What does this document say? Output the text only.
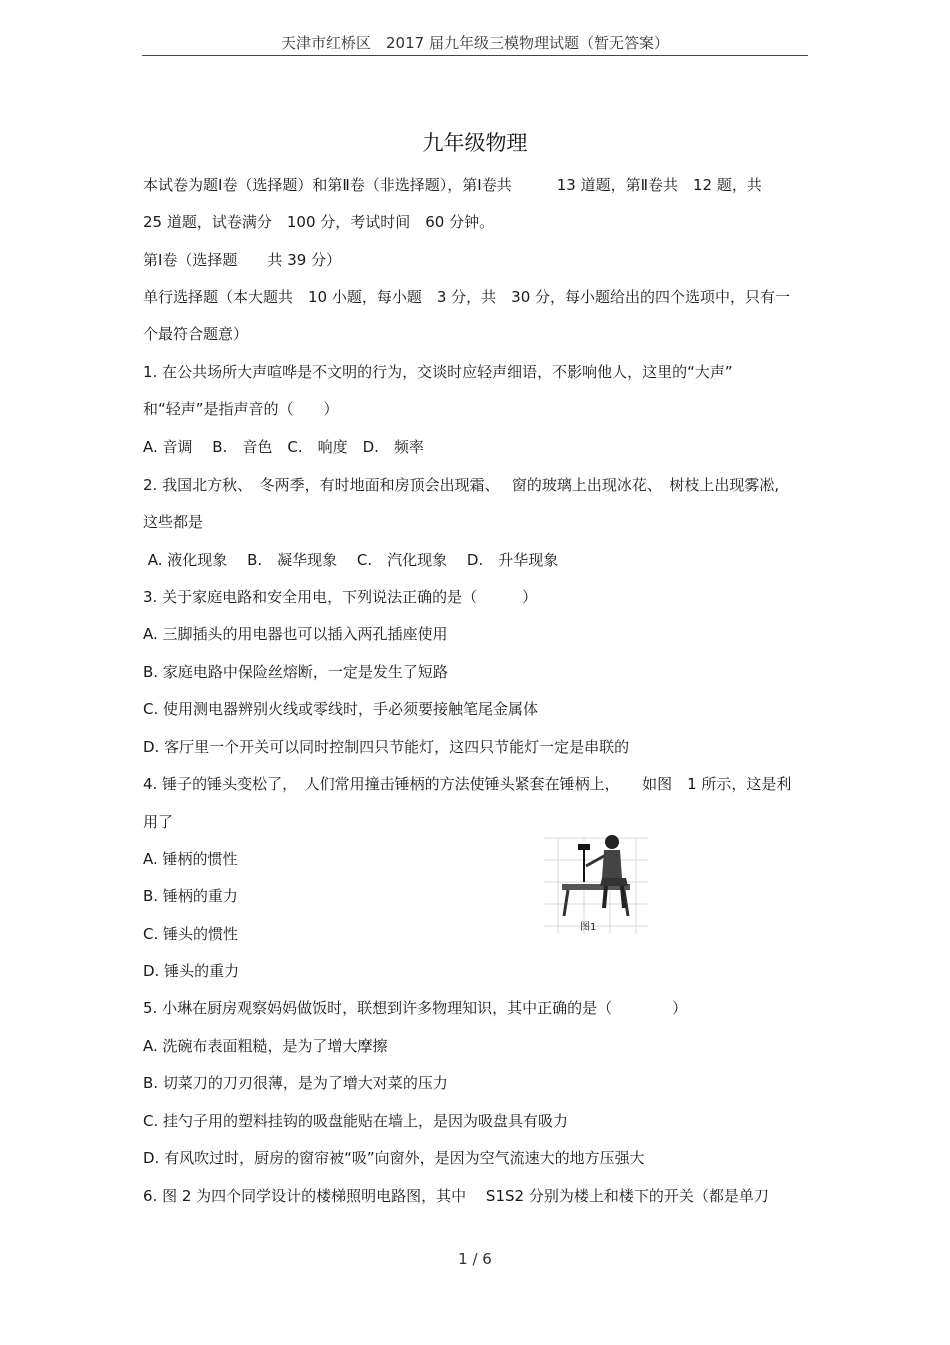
天津市红桥区　2017 届九年级三模物理试题（暂无答案）
九年级物理
本试卷为题Ⅰ卷（选择题）和第Ⅱ卷（非选择题），第Ⅰ卷共　　　13 道题，第Ⅱ卷共　12 题，共
25 道题，试卷满分　100 分，考试时间　60 分钟。
第Ⅰ卷（选择题　　共 39 分）
单行选择题（本大题共　10 小题，每小题　3 分，共　30 分，每小题给出的四个选项中，只有一
个最符合题意）
1. 在公共场所大声喧哗是不文明的行为，交谈时应轻声细语，不影响他人，这里的“大声”
和“轻声”是指声音的（　　）
A. 音调　 B.　音色　C.　响度　D.　频率
2. 我国北方秋、　冬两季，有时地面和房顶会出现霜、　 窗的玻璃上出现冰花、　树枝上出现雾凇,
这些都是
A. 液化现象　 B.　凝华现象　 C.　汽化现象　 D.　升华现象
3. 关于家庭电路和安全用电，下列说法正确的是（　　　）
A. 三脚插头的用电器也可以插入两孔插座使用
B. 家庭电路中保险丝熔断，一定是发生了短路
C. 使用测电器辨别火线或零线时，手必须要接触笔尾金属体
D. 客厅里一个开关可以同时控制四只节能灯，这四只节能灯一定是串联的
4. 锤子的锤头变松了，　人们常用撞击锤柄的方法使锤头紧套在锤柄上，　　如图　1 所示，这是利
用了
A. 锤柄的惯性
B. 锤柄的重力
C. 锤头的惯性
D. 锤头的重力
5. 小琳在厨房观察妈妈做饭时，联想到许多物理知识，其中正确的是（　　　　）
A. 洗碗布表面粗糙，是为了增大摩擦
B. 切菜刀的刀刃很薄，是为了增大对菜的压力
C. 挂勺子用的塑料挂钩的吸盘能贴在墙上，是因为吸盘具有吸力
D. 有风吹过时，厨房的窗帘被“吸”向窗外，是因为空气流速大的地方压强大
6. 图 2 为四个同学设计的楼梯照明电路图，其中　 S1S2 分别为楼上和楼下的开关（都是单刀
图1
1 / 6
